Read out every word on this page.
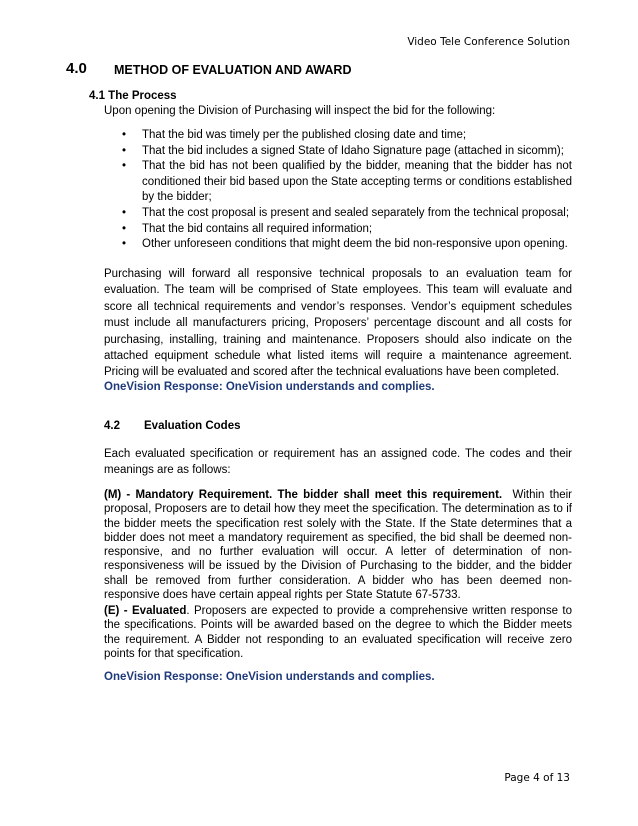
Video Tele Conference Solution
4.0 METHOD OF EVALUATION AND AWARD
4.1 The Process
Upon opening the Division of Purchasing will inspect the bid for the following:
• That the bid was timely per the published closing date and time;
• That the bid includes a signed State of Idaho Signature page (attached in sicomm);
• That the bid has not been qualified by the bidder, meaning that the bidder has not conditioned their bid based upon the State accepting terms or conditions established by the bidder;
• That the cost proposal is present and sealed separately from the technical proposal;
• That the bid contains all required information;
• Other unforeseen conditions that might deem the bid non-responsive upon opening.
Purchasing will forward all responsive technical proposals to an evaluation team for evaluation. The team will be comprised of State employees. This team will evaluate and score all technical requirements and vendor’s responses. Vendor’s equipment schedules must include all manufacturers pricing, Proposers’ percentage discount and all costs for purchasing, installing, training and maintenance. Proposers should also indicate on the attached equipment schedule what listed items will require a maintenance agreement. Pricing will be evaluated and scored after the technical evaluations have been completed.
OneVision Response: OneVision understands and complies.
4.2 Evaluation Codes
Each evaluated specification or requirement has an assigned code. The codes and their meanings are as follows:
(M) - Mandatory Requirement. The bidder shall meet this requirement. Within their proposal, Proposers are to detail how they meet the specification. The determination as to if the bidder meets the specification rest solely with the State. If the State determines that a bidder does not meet a mandatory requirement as specified, the bid shall be deemed non-responsive, and no further evaluation will occur. A letter of determination of non-responsiveness will be issued by the Division of Purchasing to the bidder, and the bidder shall be removed from further consideration. A bidder who has been deemed non-responsive does have certain appeal rights per State Statute 67-5733.
(E) - Evaluated. Proposers are expected to provide a comprehensive written response to the specifications. Points will be awarded based on the degree to which the Bidder meets the requirement. A Bidder not responding to an evaluated specification will receive zero points for that specification.
OneVision Response: OneVision understands and complies.
Page 4 of 13
